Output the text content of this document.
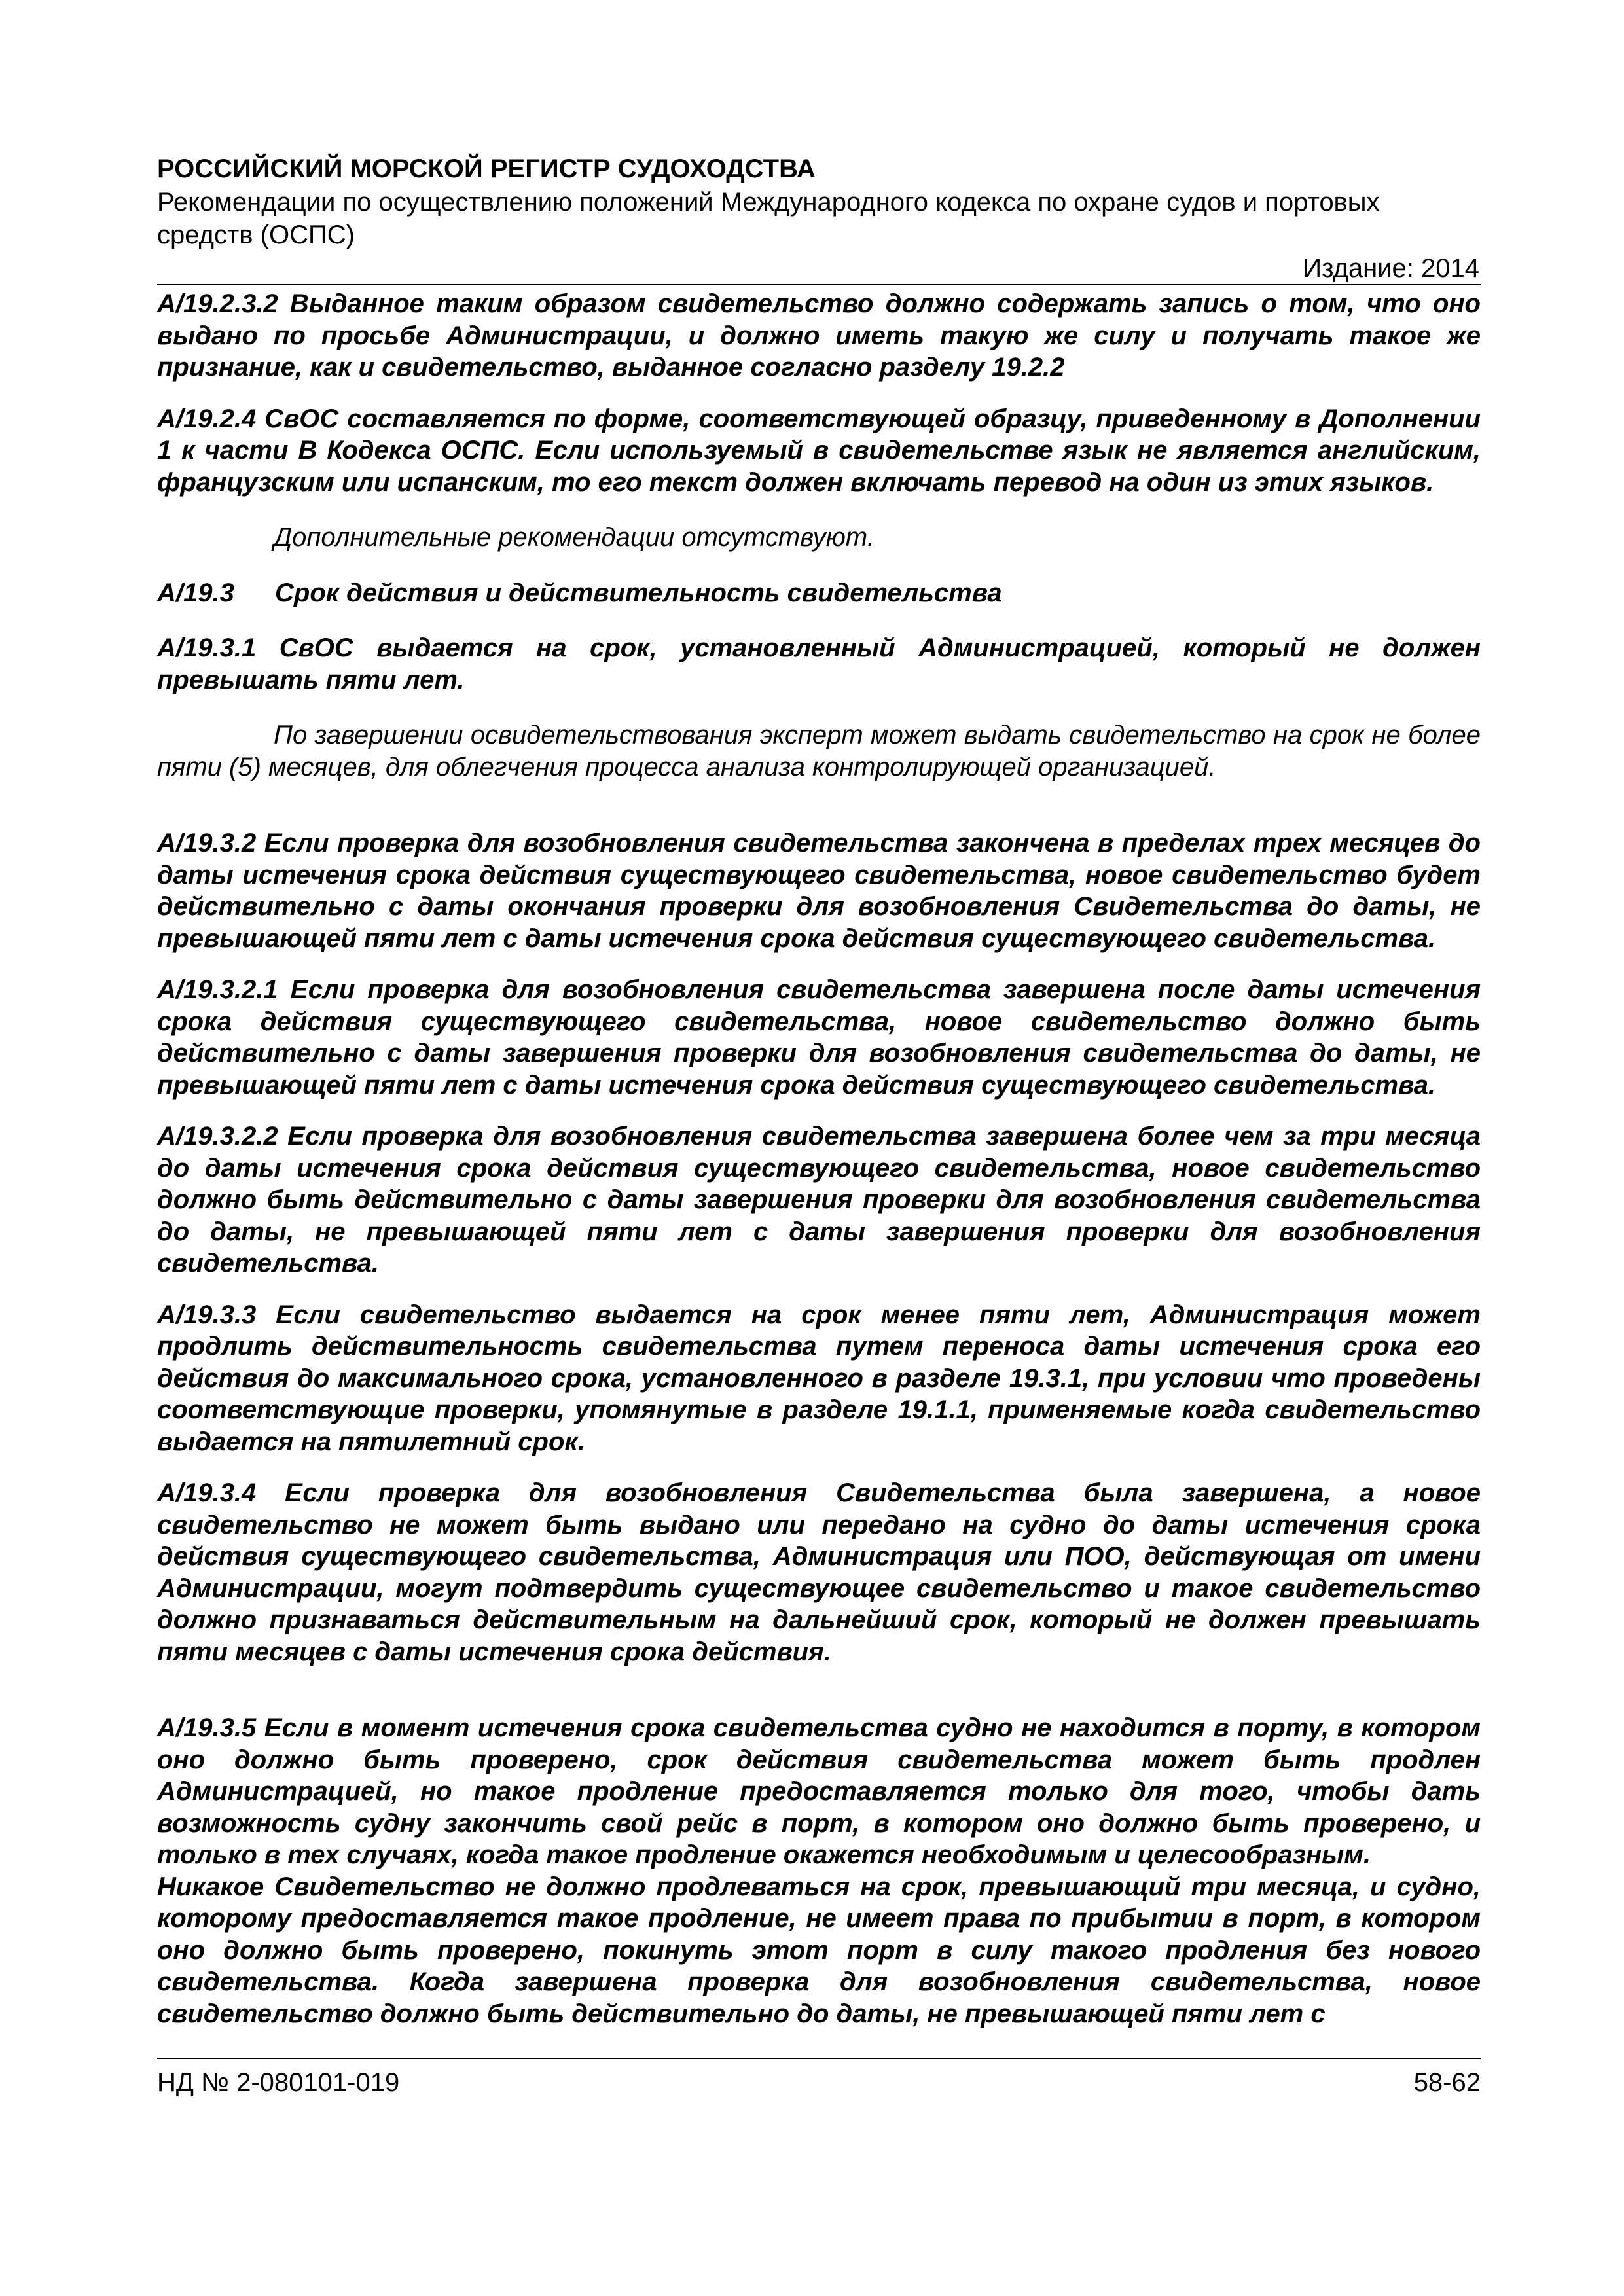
РОССИЙСКИЙ МОРСКОЙ РЕГИСТР СУДОХОДСТВА
Рекомендации по осуществлению положений Международного кодекса по охране судов и портовых средств (ОСПС)
Издание: 2014

А/19.2.3.2 Выданное таким образом свидетельство должно содержать запись о том, что оно выдано по просьбе Администрации, и должно иметь такую же силу и получать такое же признание, как и свидетельство, выданное согласно разделу 19.2.2

А/19.2.4 СвОС составляется по форме, соответствующей образцу, приведенному в Дополнении 1 к части В Кодекса ОСПС. Если используемый в свидетельстве язык не является английским, французским или испанским, то его текст должен включать перевод на один из этих языков.

Дополнительные рекомендации отсутствуют.

А/19.3 Срок действия и действительность свидетельства

А/19.3.1 СвОС выдается на срок, установленный Администрацией, который не должен превышать пяти лет.

По завершении освидетельствования эксперт может выдать свидетельство на срок не более пяти (5) месяцев, для облегчения процесса анализа контролирующей организацией.

А/19.3.2 Если проверка для возобновления свидетельства закончена в пределах трех месяцев до даты истечения срока действия существующего свидетельства, новое свидетельство будет действительно с даты окончания проверки для возобновления Свидетельства до даты, не превышающей пяти лет с даты истечения срока действия существующего свидетельства.

А/19.3.2.1 Если проверка для возобновления свидетельства завершена после даты истечения срока действия существующего свидетельства, новое свидетельство должно быть действительно с даты завершения проверки для возобновления свидетельства до даты, не превышающей пяти лет с даты истечения срока действия существующего свидетельства.

А/19.3.2.2 Если проверка для возобновления свидетельства завершена более чем за три месяца до даты истечения срока действия существующего свидетельства, новое свидетельство должно быть действительно с даты завершения проверки для возобновления свидетельства до даты, не превышающей пяти лет с даты завершения проверки для возобновления свидетельства.

А/19.3.3 Если свидетельство выдается на срок менее пяти лет, Администрация может продлить действительность свидетельства путем переноса даты истечения срока его действия до максимального срока, установленного в разделе 19.3.1, при условии что проведены соответствующие проверки, упомянутые в разделе 19.1.1, применяемые когда свидетельство выдается на пятилетний срок.

А/19.3.4 Если проверка для возобновления Свидетельства была завершена, а новое свидетельство не может быть выдано или передано на судно до даты истечения срока действия существующего свидетельства, Администрация или ПОО, действующая от имени Администрации, могут подтвердить существующее свидетельство и такое свидетельство должно признаваться действительным на дальнейший срок, который не должен превышать пяти месяцев с даты истечения срока действия.

А/19.3.5 Если в момент истечения срока свидетельства судно не находится в порту, в котором оно должно быть проверено, срок действия свидетельства может быть продлен Администрацией, но такое продление предоставляется только для того, чтобы дать возможность судну закончить свой рейс в порт, в котором оно должно быть проверено, и только в тех случаях, когда такое продление окажется необходимым и целесообразным.

Никакое Свидетельство не должно продлеваться на срок, превышающий три месяца, и судно, которому предоставляется такое продление, не имеет права по прибытии в порт, в котором оно должно быть проверено, покинуть этот порт в силу такого продления без нового свидетельства. Когда завершена проверка для возобновления свидетельства, новое свидетельство должно быть действительно до даты, не превышающей пяти лет с

НД № 2-080101-019	58-62
